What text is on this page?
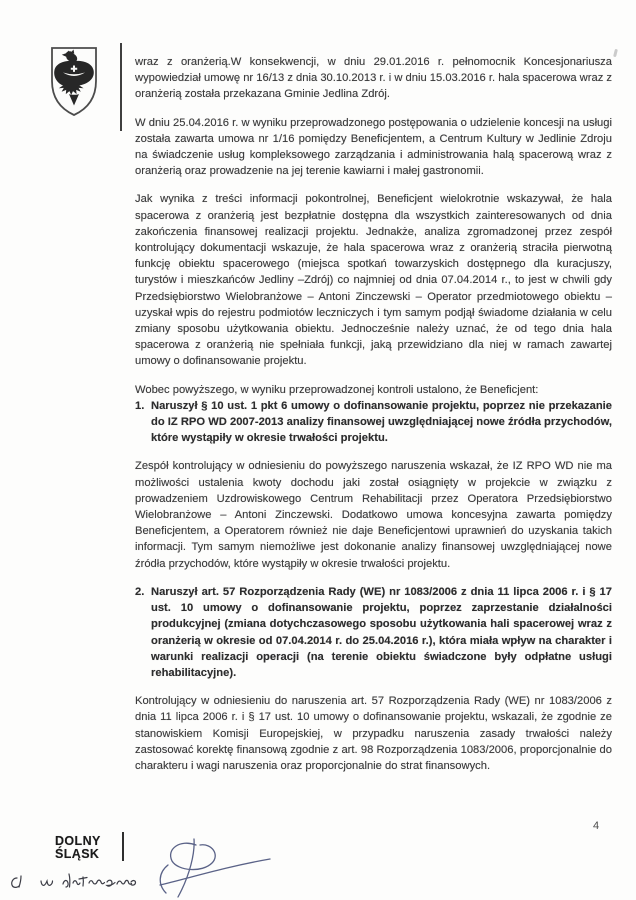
wraz z oranżerią.W konsekwencji, w dniu 29.01.2016 r. pełnomocnik Koncesjonariusza wypowiedział umowę nr 16/13 z dnia 30.10.2013 r. i w dniu 15.03.2016 r. hala spacerowa wraz z oranżerią została przekazana Gminie Jedlina Zdrój.

W dniu 25.04.2016 r. w wyniku przeprowadzonego postępowania o udzielenie koncesji na usługi została zawarta umowa nr 1/16 pomiędzy Beneficjentem, a Centrum Kultury w Jedlinie Zdroju na świadczenie usług kompleksowego zarządzania i administrowania halą spacerową wraz z oranżerią oraz prowadzenie na jej terenie kawiarni i małej gastronomii.

Jak wynika z treści informacji pokontrolnej, Beneficjent wielokrotnie wskazywał, że hala spacerowa z oranżerią jest bezpłatnie dostępna dla wszystkich zainteresowanych od dnia zakończenia finansowej realizacji projektu. Jednakże, analiza zgromadzonej przez zespół kontrolujący dokumentacji wskazuje, że hala spacerowa wraz z oranżerią straciła pierwotną funkcję obiektu spacerowego (miejsca spotkań towarzyskich dostępnego dla kuracjuszy, turystów i mieszkańców Jedliny –Zdrój) co najmniej od dnia 07.04.2014 r., to jest w chwili gdy Przedsiębiorstwo Wielobranżowe – Antoni Zinczewski – Operator przedmiotowego obiektu – uzyskał wpis do rejestru podmiotów leczniczych i tym samym podjął świadome działania w celu zmiany sposobu użytkowania obiektu. Jednocześnie należy uznać, że od tego dnia hala spacerowa z oranżerią nie spełniała funkcji, jaką przewidziano dla niej w ramach zawartej umowy o dofinansowanie projektu.

Wobec powyższego, w wyniku przeprowadzonej kontroli ustalono, że Beneficjent:

1. Naruszył § 10 ust. 1 pkt 6 umowy o dofinansowanie projektu, poprzez nie przekazanie do IZ RPO WD 2007-2013 analizy finansowej uwzględniającej nowe źródła przychodów, które wystąpiły w okresie trwałości projektu.

Zespół kontrolujący w odniesieniu do powyższego naruszenia wskazał, że IZ RPO WD nie ma możliwości ustalenia kwoty dochodu jaki został osiągnięty w projekcie w związku z prowadzeniem Uzdrowiskowego Centrum Rehabilitacji przez Operatora Przedsiębiorstwo Wielobranżowe – Antoni Zinczewski. Dodatkowo umowa koncesyjna zawarta pomiędzy Beneficjentem, a Operatorem również nie daje Beneficjentowi uprawnień do uzyskania takich informacji. Tym samym niemożliwe jest dokonanie analizy finansowej uwzględniającej nowe źródła przychodów, które wystąpiły w okresie trwałości projektu.

2. Naruszył art. 57 Rozporządzenia Rady (WE) nr 1083/2006 z dnia 11 lipca 2006 r. i § 17 ust. 10 umowy o dofinansowanie projektu, poprzez zaprzestanie działalności produkcyjnej (zmiana dotychczasowego sposobu użytkowania hali spacerowej wraz z oranżerią w okresie od 07.04.2014 r. do 25.04.2016 r.), która miała wpływ na charakter i warunki realizacji operacji (na terenie obiektu świadczone były odpłatne usługi rehabilitacyjne).

Kontrolujący w odniesieniu do naruszenia art. 57 Rozporządzenia Rady (WE) nr 1083/2006 z dnia 11 lipca 2006 r. i § 17 ust. 10 umowy o dofinansowanie projektu, wskazali, że zgodnie ze stanowiskiem Komisji Europejskiej, w przypadku naruszenia zasady trwałości należy zastosować korektę finansową zgodnie z art. 98 Rozporządzenia 1083/2006, proporcjonalnie do charakteru i wagi naruszenia oraz proporcjonalnie do strat finansowych.

DOLNY
ŚLĄSK
4
